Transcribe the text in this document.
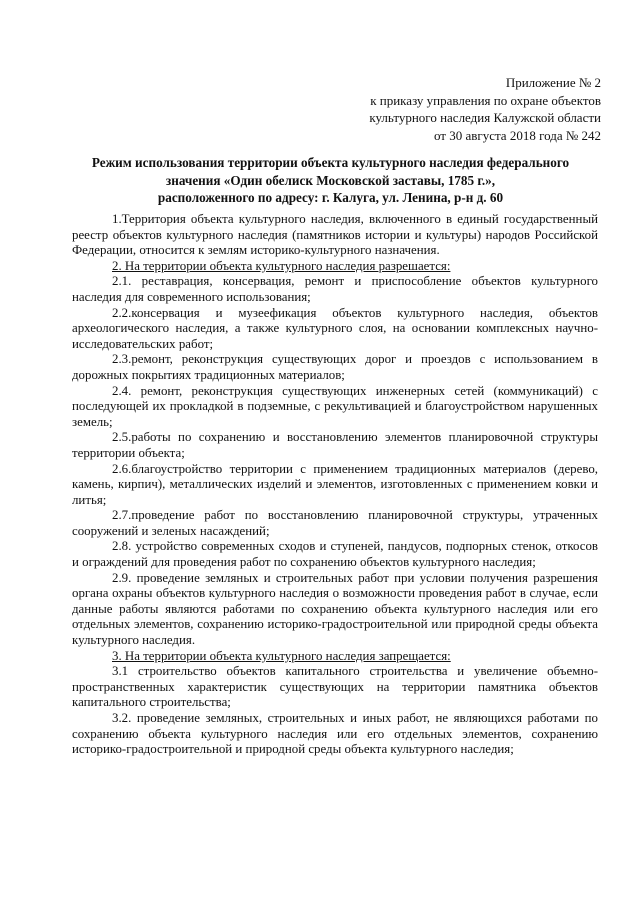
Приложение № 2
к приказу управления по охране объектов
культурного наследия Калужской области
от 30 августа 2018 года № 242
Режим использования территории объекта культурного наследия федерального
значения «Один обелиск Московской заставы, 1785 г.»,
расположенного по адресу: г. Калуга, ул. Ленина, р-н д. 60

1.Территория объекта культурного наследия, включенного в единый государственный реестр объектов культурного наследия (памятников истории и культуры) народов Российской Федерации, относится к землям историко-культурного назначения.

2. На территории объекта культурного наследия разрешается:

2.1. реставрация, консервация, ремонт и приспособление объектов культурного наследия для современного использования;

2.2.консервация и музеефикация объектов культурного наследия, объектов археологического наследия, а также культурного слоя, на основании комплексных научно-исследовательских работ;

2.3.ремонт, реконструкция существующих дорог и проездов с использованием в дорожных покрытиях традиционных материалов;

2.4. ремонт, реконструкция существующих инженерных сетей (коммуникаций) с последующей их прокладкой в подземные, с рекультивацией и благоустройством нарушенных земель;

2.5.работы по сохранению и восстановлению элементов планировочной структуры территории объекта;

2.6.благоустройство территории с применением традиционных материалов (дерево, камень, кирпич), металлических изделий и элементов, изготовленных с применением ковки и литья;

2.7.проведение работ по восстановлению планировочной структуры, утраченных сооружений и зеленых насаждений;

2.8. устройство современных сходов и ступеней, пандусов, подпорных стенок, откосов и ограждений для проведения работ по сохранению объектов культурного наследия;

2.9. проведение земляных и строительных работ при условии получения разрешения органа охраны объектов культурного наследия о возможности проведения работ в случае, если данные работы являются работами по сохранению объекта культурного наследия или его отдельных элементов, сохранению историко-градостроительной или природной среды объекта культурного наследия.

3. На территории объекта культурного наследия запрещается:

3.1 строительство объектов капитального строительства и увеличение объемно-пространственных характеристик существующих на территории памятника объектов капитального строительства;

3.2. проведение земляных, строительных и иных работ, не являющихся работами по сохранению объекта культурного наследия или его отдельных элементов, сохранению историко-градостроительной и природной среды объекта культурного наследия;
